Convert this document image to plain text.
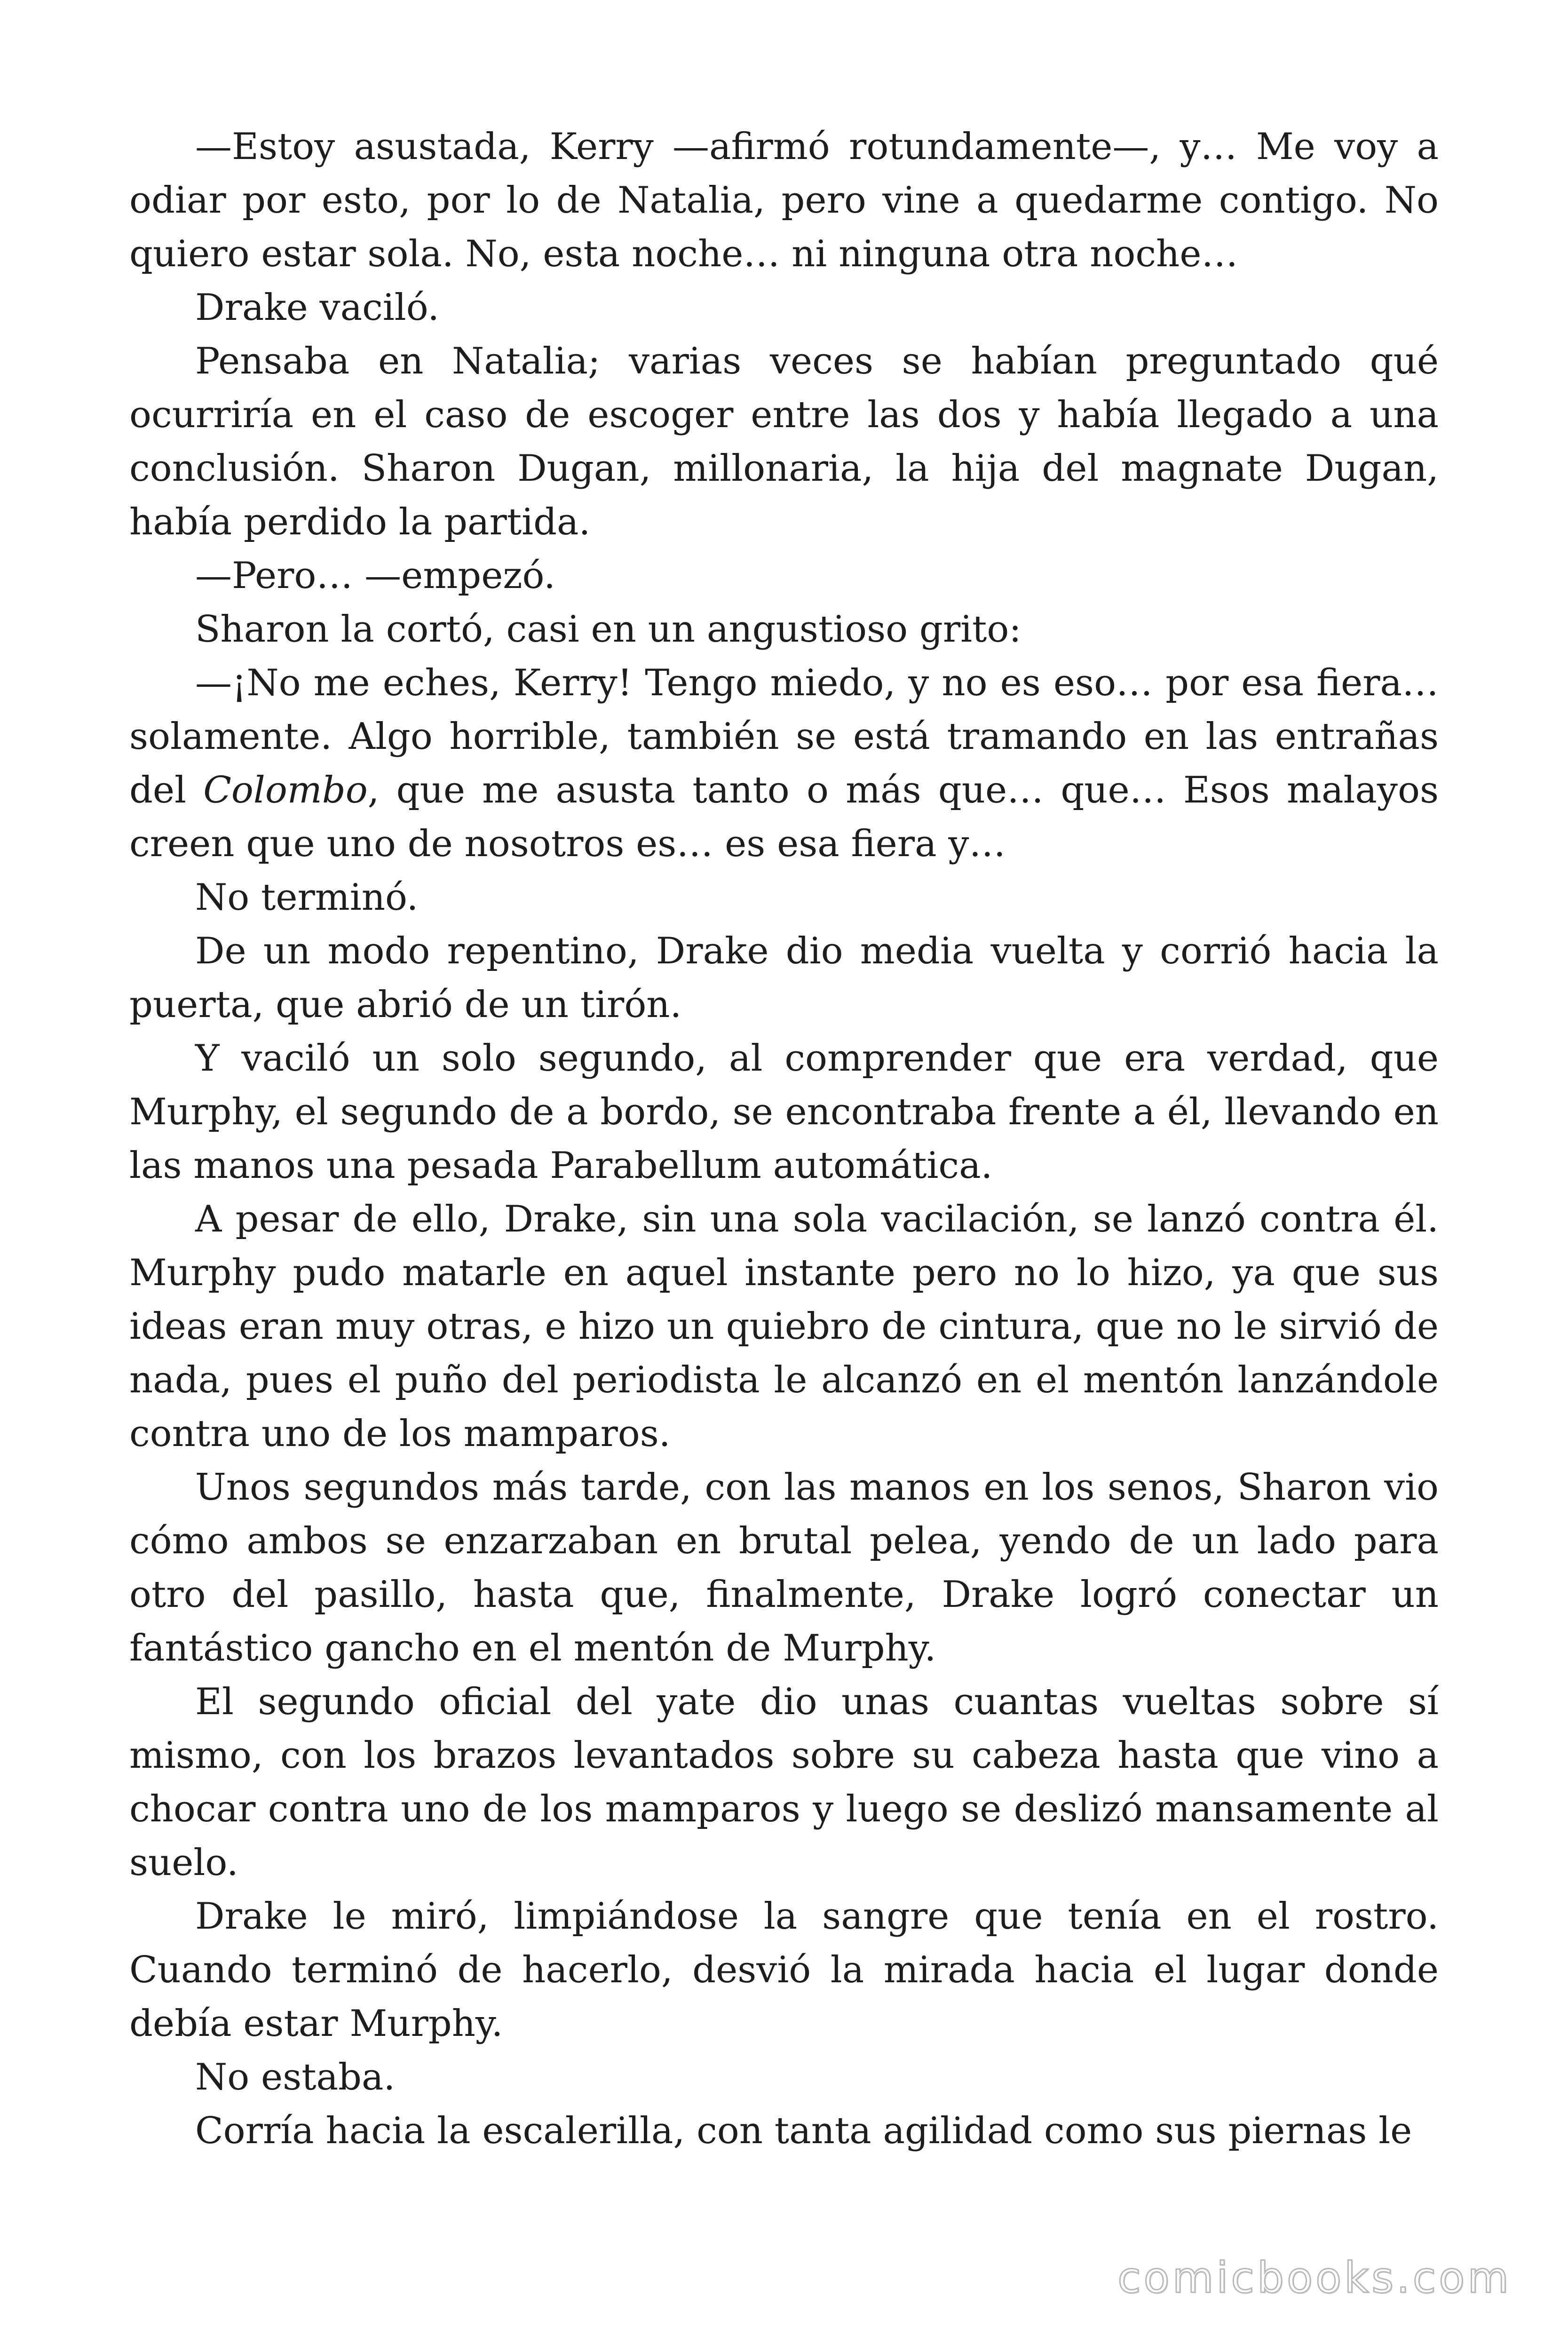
—Estoy asustada, Kerry —afirmó rotundamente—, y… Me voy a odiar por esto, por lo de Natalia, pero vine a quedarme contigo. No quiero estar sola. No, esta noche… ni ninguna otra noche…

Drake vaciló.

Pensaba en Natalia; varias veces se habían preguntado qué ocurriría en el caso de escoger entre las dos y había llegado a una conclusión. Sharon Dugan, millonaria, la hija del magnate Dugan, había perdido la partida.

—Pero… —empezó.

Sharon la cortó, casi en un angustioso grito:

—¡No me eches, Kerry! Tengo miedo, y no es eso… por esa fiera… solamente. Algo horrible, también se está tramando en las entrañas del Colombo, que me asusta tanto o más que… que… Esos malayos creen que uno de nosotros es… es esa fiera y…

No terminó.

De un modo repentino, Drake dio media vuelta y corrió hacia la puerta, que abrió de un tirón.

Y vaciló un solo segundo, al comprender que era verdad, que Murphy, el segundo de a bordo, se encontraba frente a él, llevando en las manos una pesada Parabellum automática.

A pesar de ello, Drake, sin una sola vacilación, se lanzó contra él. Murphy pudo matarle en aquel instante pero no lo hizo, ya que sus ideas eran muy otras, e hizo un quiebro de cintura, que no le sirvió de nada, pues el puño del periodista le alcanzó en el mentón lanzándole contra uno de los mamparos.

Unos segundos más tarde, con las manos en los senos, Sharon vio cómo ambos se enzarzaban en brutal pelea, yendo de un lado para otro del pasillo, hasta que, finalmente, Drake logró conectar un fantástico gancho en el mentón de Murphy.

El segundo oficial del yate dio unas cuantas vueltas sobre sí mismo, con los brazos levantados sobre su cabeza hasta que vino a chocar contra uno de los mamparos y luego se deslizó mansamente al suelo.

Drake le miró, limpiándose la sangre que tenía en el rostro. Cuando terminó de hacerlo, desvió la mirada hacia el lugar donde debía estar Murphy.

No estaba.

Corría hacia la escalerilla, con tanta agilidad como sus piernas le

comicbooks.com
